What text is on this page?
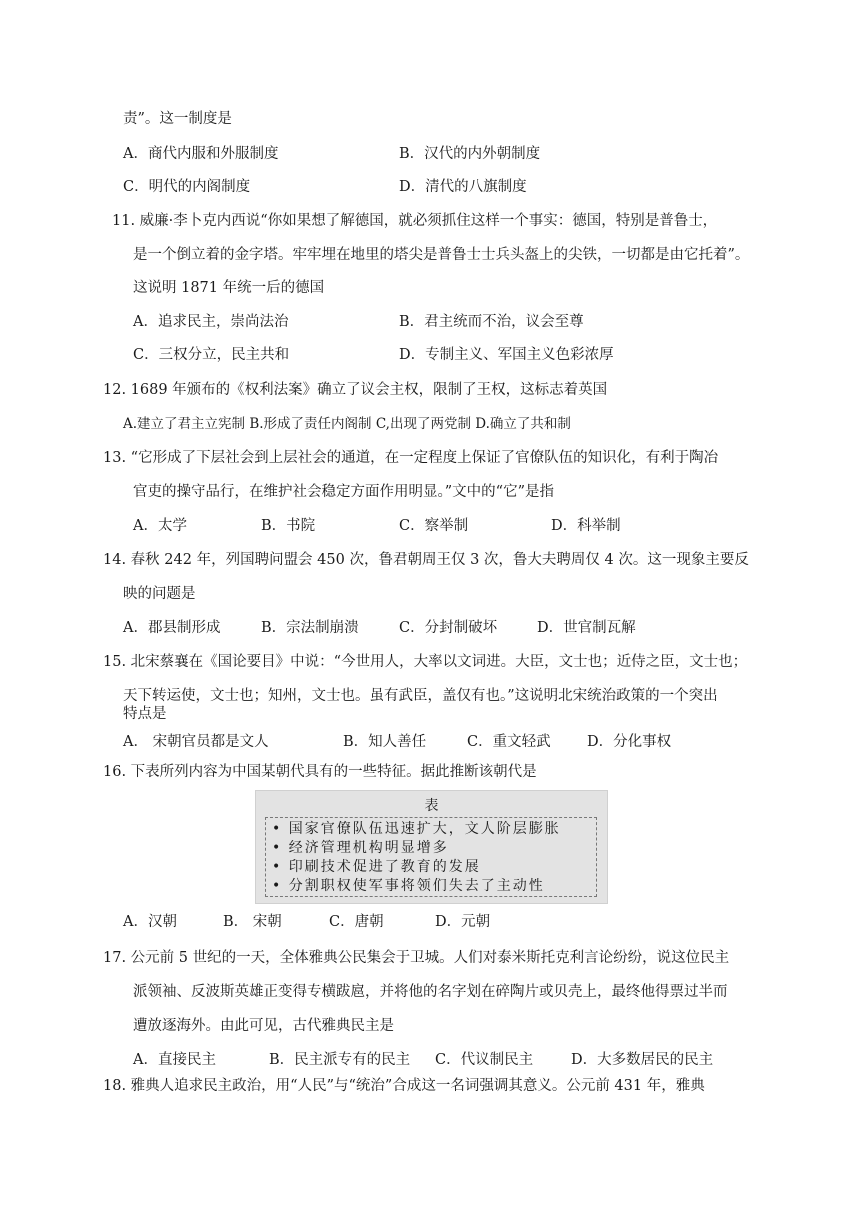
责”。这一制度是
A．商代内服和外服制度	B．汉代的内外朝制度
C．明代的内阁制度	D．清代的八旗制度
11. 威廉·李卜克内西说“你如果想了解德国，就必须抓住这样一个事实：德国，特别是普鲁士，
是一个倒立着的金字塔。牢牢埋在地里的塔尖是普鲁士士兵头盔上的尖铁，一切都是由它托着”。
这说明 1871 年统一后的德国
A．追求民主，崇尚法治	B．君主统而不治，议会至尊
C．三权分立，民主共和	D．专制主义、军国主义色彩浓厚
12. 1689 年颁布的《权利法案》确立了议会主权，限制了王权，这标志着英国
A.建立了君主立宪制 B.形成了责任内阁制 C,出现了两党制 D.确立了共和制
13. “它形成了下层社会到上层社会的通道，在一定程度上保证了官僚队伍的知识化，有利于陶冶
官吏的操守品行，在维护社会稳定方面作用明显。”文中的“它”是指
A．太学	B．书院	C．察举制	D．科举制
14. 春秋 242 年，列国聘问盟会 450 次，鲁君朝周王仅 3 次，鲁大夫聘周仅 4 次。这一现象主要反
映的问题是
A．郡县制形成	B．宗法制崩溃	C．分封制破坏	D．世官制瓦解
15. 北宋蔡襄在《国论要目》中说：“今世用人，大率以文词进。大臣，文士也；近侍之臣，文士也；
天下转运使，文士也；知州，文士也。虽有武臣，盖仅有也。”这说明北宋统治政策的一个突出
特点是
A． 宋朝官员都是文人	B．知人善任	C．重文轻武	D．分化事权
16. 下表所列内容为中国某朝代具有的一些特征。据此推断该朝代是
表
• 国家官僚队伍迅速扩大，文人阶层膨胀
• 经济管理机构明显增多
• 印刷技术促进了教育的发展
• 分割职权使军事将领们失去了主动性
A．汉朝	B． 宋朝	C．唐朝	D．元朝
17. 公元前 5 世纪的一天，全体雅典公民集会于卫城。人们对泰米斯托克利言论纷纷，说这位民主
派领袖、反波斯英雄正变得专横跋扈，并将他的名字划在碎陶片或贝壳上，最终他得票过半而
遭放逐海外。由此可见，古代雅典民主是
A．直接民主	B．民主派专有的民主 C．代议制民主	D．大多数居民的民主
18. 雅典人追求民主政治，用“人民”与“统治”合成这一名词强调其意义。公元前 431 年，雅典
